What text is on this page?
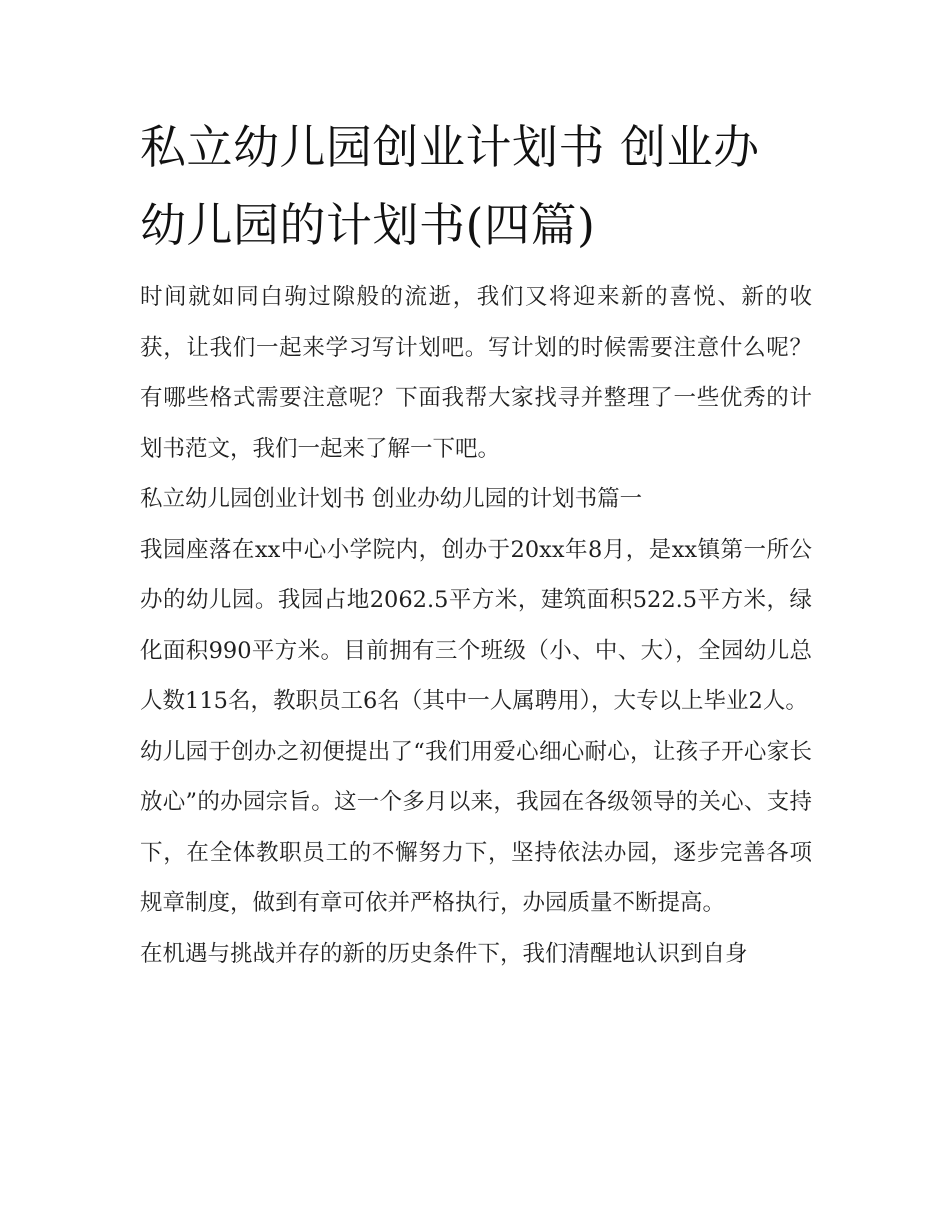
私立幼儿园创业计划书 创业办
幼儿园的计划书(四篇)

时间就如同白驹过隙般的流逝，我们又将迎来新的喜悦、新的收获，让我们一起来学习写计划吧。写计划的时候需要注意什么呢？有哪些格式需要注意呢？下面我帮大家找寻并整理了一些优秀的计划书范文，我们一起来了解一下吧。

私立幼儿园创业计划书 创业办幼儿园的计划书篇一

我园座落在xx中心小学院内，创办于20xx年8月，是xx镇第一所公办的幼儿园。我园占地2062.5平方米，建筑面积522.5平方米，绿化面积990平方米。目前拥有三个班级（小、中、大），全园幼儿总人数115名，教职员工6名（其中一人属聘用），大专以上毕业2人。

幼儿园于创办之初便提出了“我们用爱心细心耐心，让孩子开心家长放心”的办园宗旨。这一个多月以来，我园在各级领导的关心、支持下，在全体教职员工的不懈努力下，坚持依法办园，逐步完善各项规章制度，做到有章可依并严格执行，办园质量不断提高。

在机遇与挑战并存的新的历史条件下，我们清醒地认识到自身
